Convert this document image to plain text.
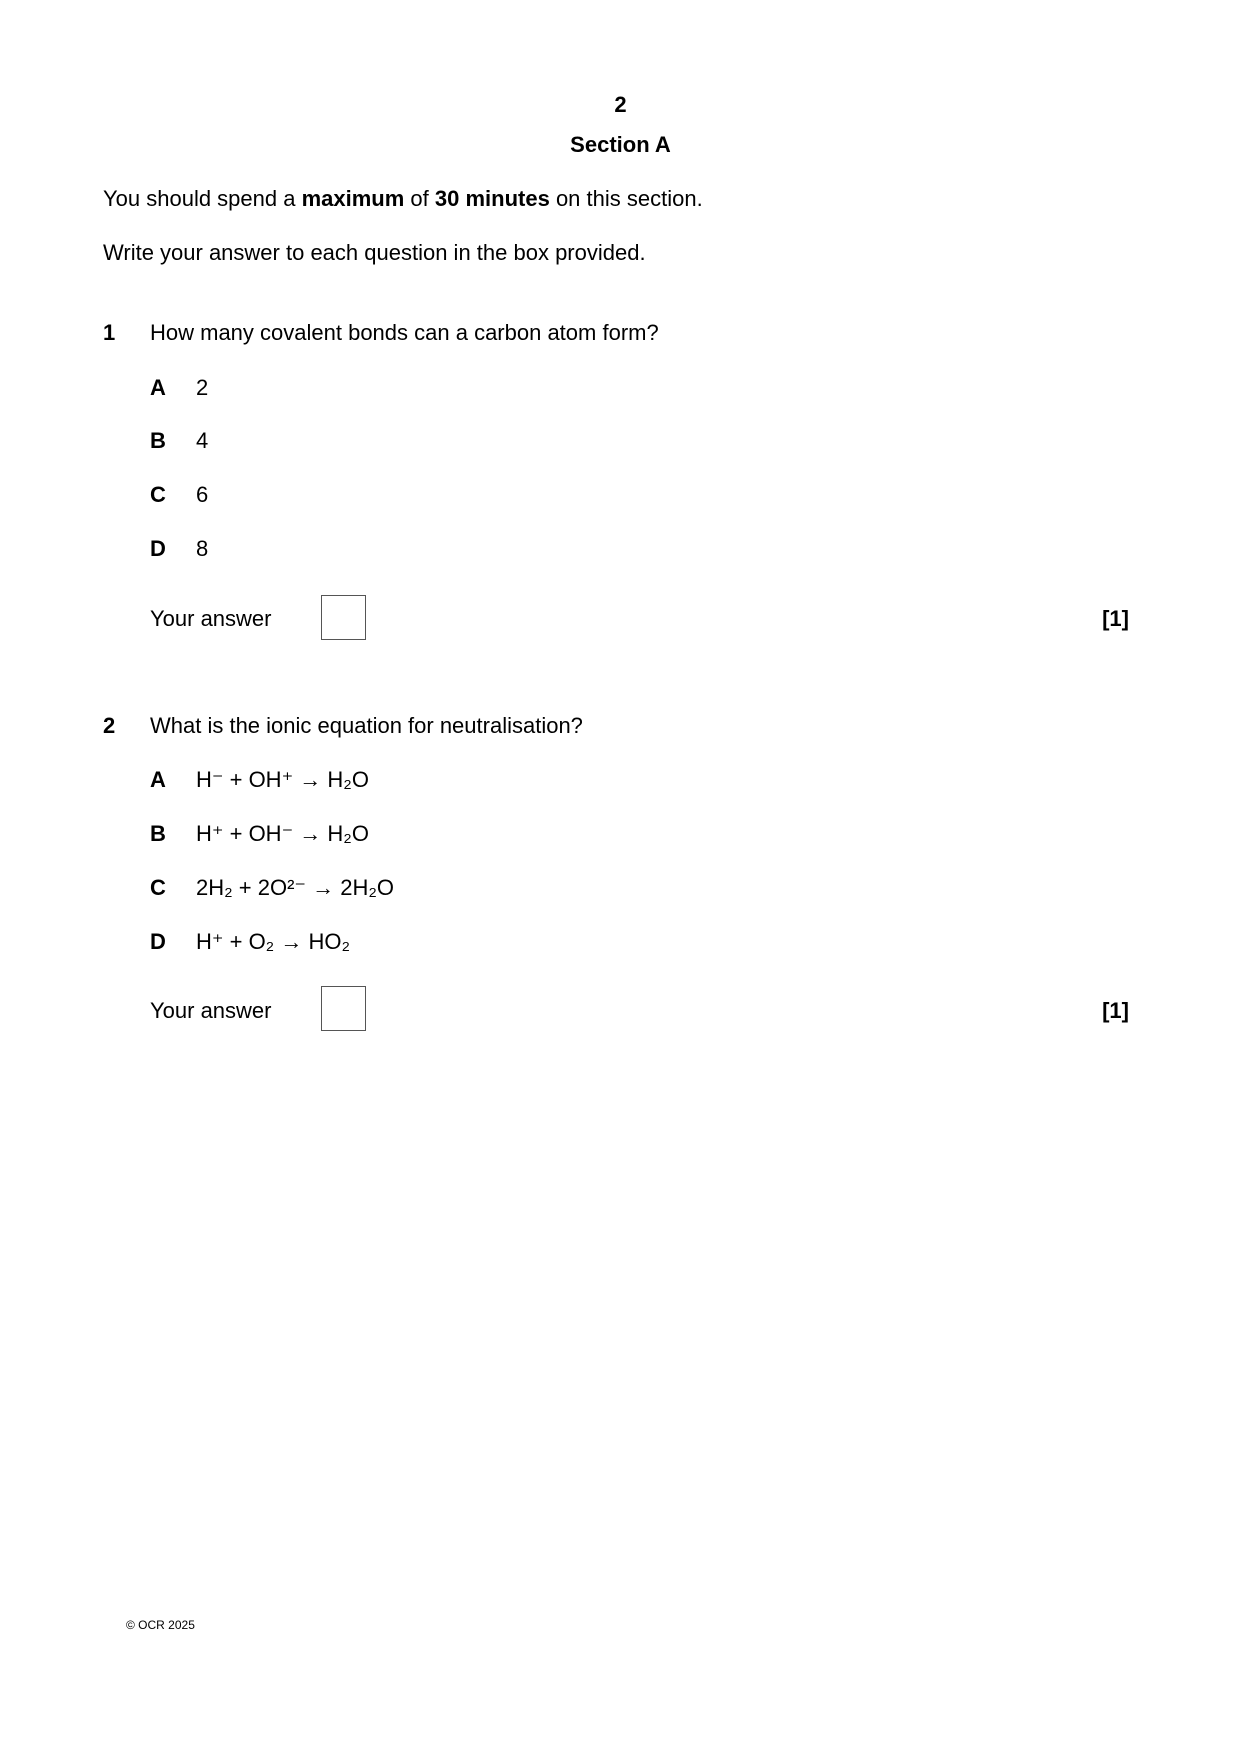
2
Section A
You should spend a maximum of 30 minutes on this section.
Write your answer to each question in the box provided.
1 How many covalent bonds can a carbon atom form?
A 2
B 4
C 6
D 8
Your answer	[1]
2 What is the ionic equation for neutralisation?
A H⁻ + OH⁺ → H₂O
B H⁺ + OH⁻ → H₂O
C 2H₂ + 2O²⁻ → 2H₂O
D H⁺ + O₂ → HO₂
Your answer	[1]
© OCR 2025
